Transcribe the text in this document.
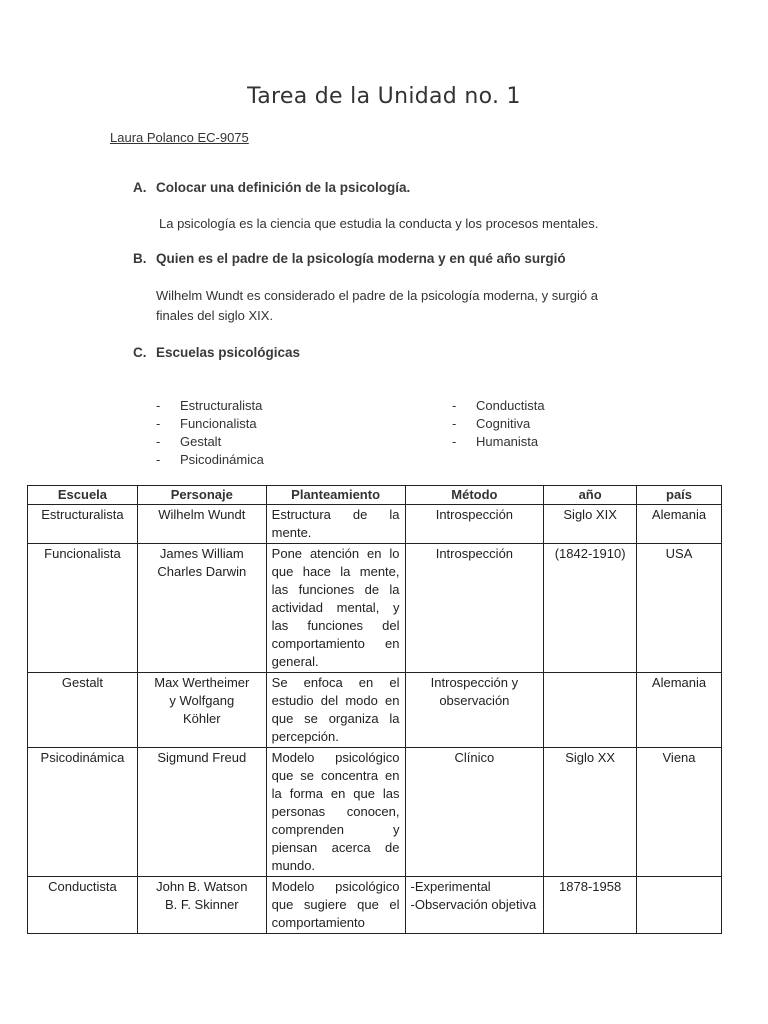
Tarea de la Unidad no. 1
Laura Polanco EC-9075
A. Colocar una definición de la psicología.
La psicología es la ciencia que estudia la conducta y los procesos mentales.
B. Quien es el padre de la psicología moderna y en qué año surgió
Wilhelm Wundt es considerado el padre de la psicología moderna, y surgió a
finales del siglo XIX.
C. Escuelas psicológicas
- Estructuralista
- Funcionalista
- Gestalt
- Psicodinámica
- Conductista
- Cognitiva
- Humanista
Escuela	Personaje	Planteamiento	Método	año	país
Estructuralista	Wilhelm Wundt	Estructura de la mente.	Introspección	Siglo XIX	Alemania
Funcionalista	James William
Charles Darwin	Pone atención en lo que hace la mente, las funciones de la actividad mental, y las funciones del comportamiento en general.	Introspección	(1842-1910)	USA
Gestalt	Max Wertheimer
y Wolfgang
Köhler	Se enfoca en el estudio del modo en que se organiza la percepción.	Introspección y
observación		Alemania
Psicodinámica	Sigmund Freud	Modelo psicológico que se concentra en la forma en que las personas conocen, comprenden y piensan acerca de mundo.	Clínico	Siglo XX	Viena
Conductista	John B. Watson
B. F. Skinner	Modelo psicológico que sugiere que el comportamiento	-Experimental
-Observación objetiva	1878-1958	
